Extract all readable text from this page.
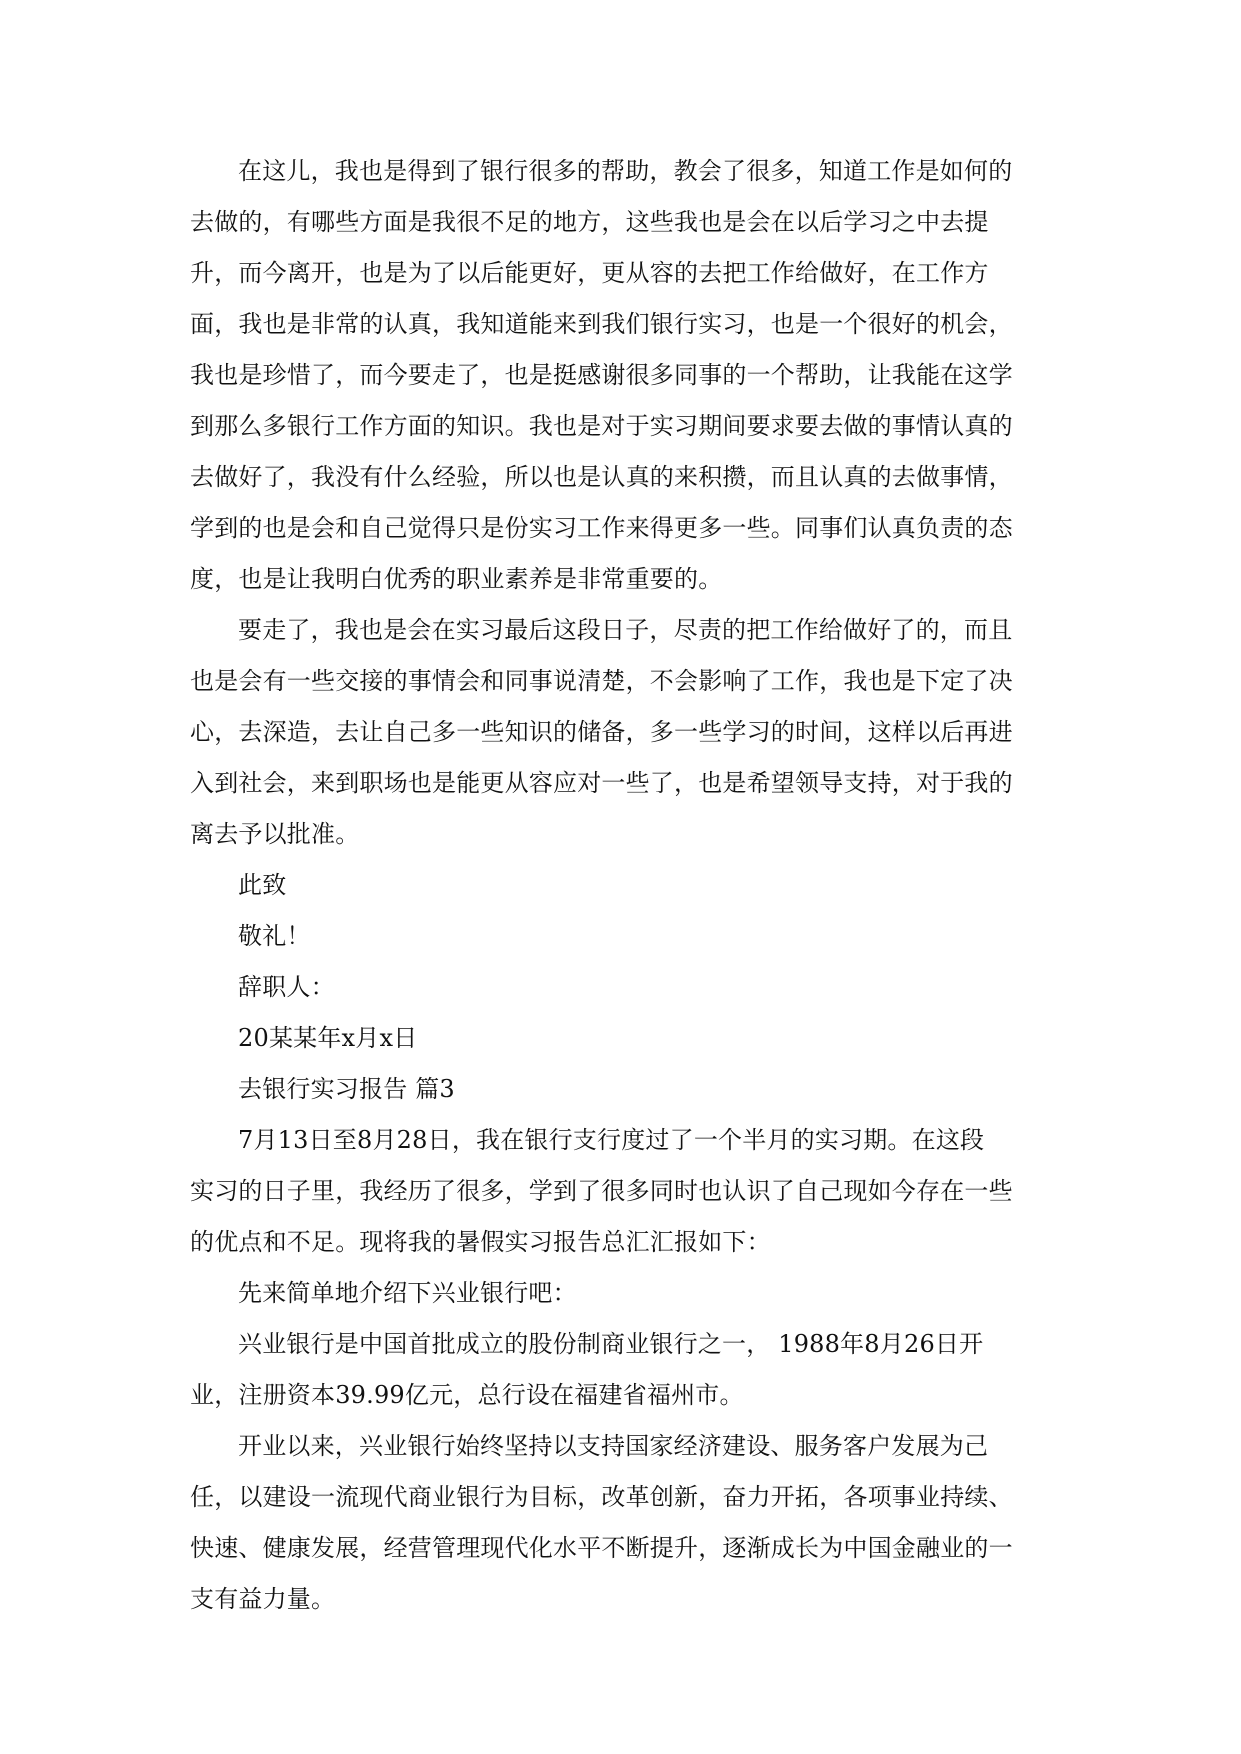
在这儿，我也是得到了银行很多的帮助，教会了很多，知道工作是如何的
去做的，有哪些方面是我很不足的地方，这些我也是会在以后学习之中去提
升，而今离开，也是为了以后能更好，更从容的去把工作给做好，在工作方
面，我也是非常的认真，我知道能来到我们银行实习，也是一个很好的机会，
我也是珍惜了，而今要走了，也是挺感谢很多同事的一个帮助，让我能在这学
到那么多银行工作方面的知识。我也是对于实习期间要求要去做的事情认真的
去做好了，我没有什么经验，所以也是认真的来积攒，而且认真的去做事情，
学到的也是会和自己觉得只是份实习工作来得更多一些。同事们认真负责的态
度，也是让我明白优秀的职业素养是非常重要的。
要走了，我也是会在实习最后这段日子，尽责的把工作给做好了的，而且
也是会有一些交接的事情会和同事说清楚，不会影响了工作，我也是下定了决
心，去深造，去让自己多一些知识的储备，多一些学习的时间，这样以后再进
入到社会，来到职场也是能更从容应对一些了，也是希望领导支持，对于我的
离去予以批准。
此致
敬礼！
辞职人：
20某某年x月x日
去银行实习报告 篇3
7月13日至8月28日，我在银行支行度过了一个半月的实习期。在这段
实习的日子里，我经历了很多，学到了很多同时也认识了自己现如今存在一些
的优点和不足。现将我的暑假实习报告总汇汇报如下：
先来简单地介绍下兴业银行吧：
兴业银行是中国首批成立的股份制商业银行之一， 1988年8月26日开
业，注册资本39.99亿元，总行设在福建省福州市。
开业以来，兴业银行始终坚持以支持国家经济建设、服务客户发展为己
任，以建设一流现代商业银行为目标，改革创新，奋力开拓，各项事业持续、
快速、健康发展，经营管理现代化水平不断提升，逐渐成长为中国金融业的一
支有益力量。
